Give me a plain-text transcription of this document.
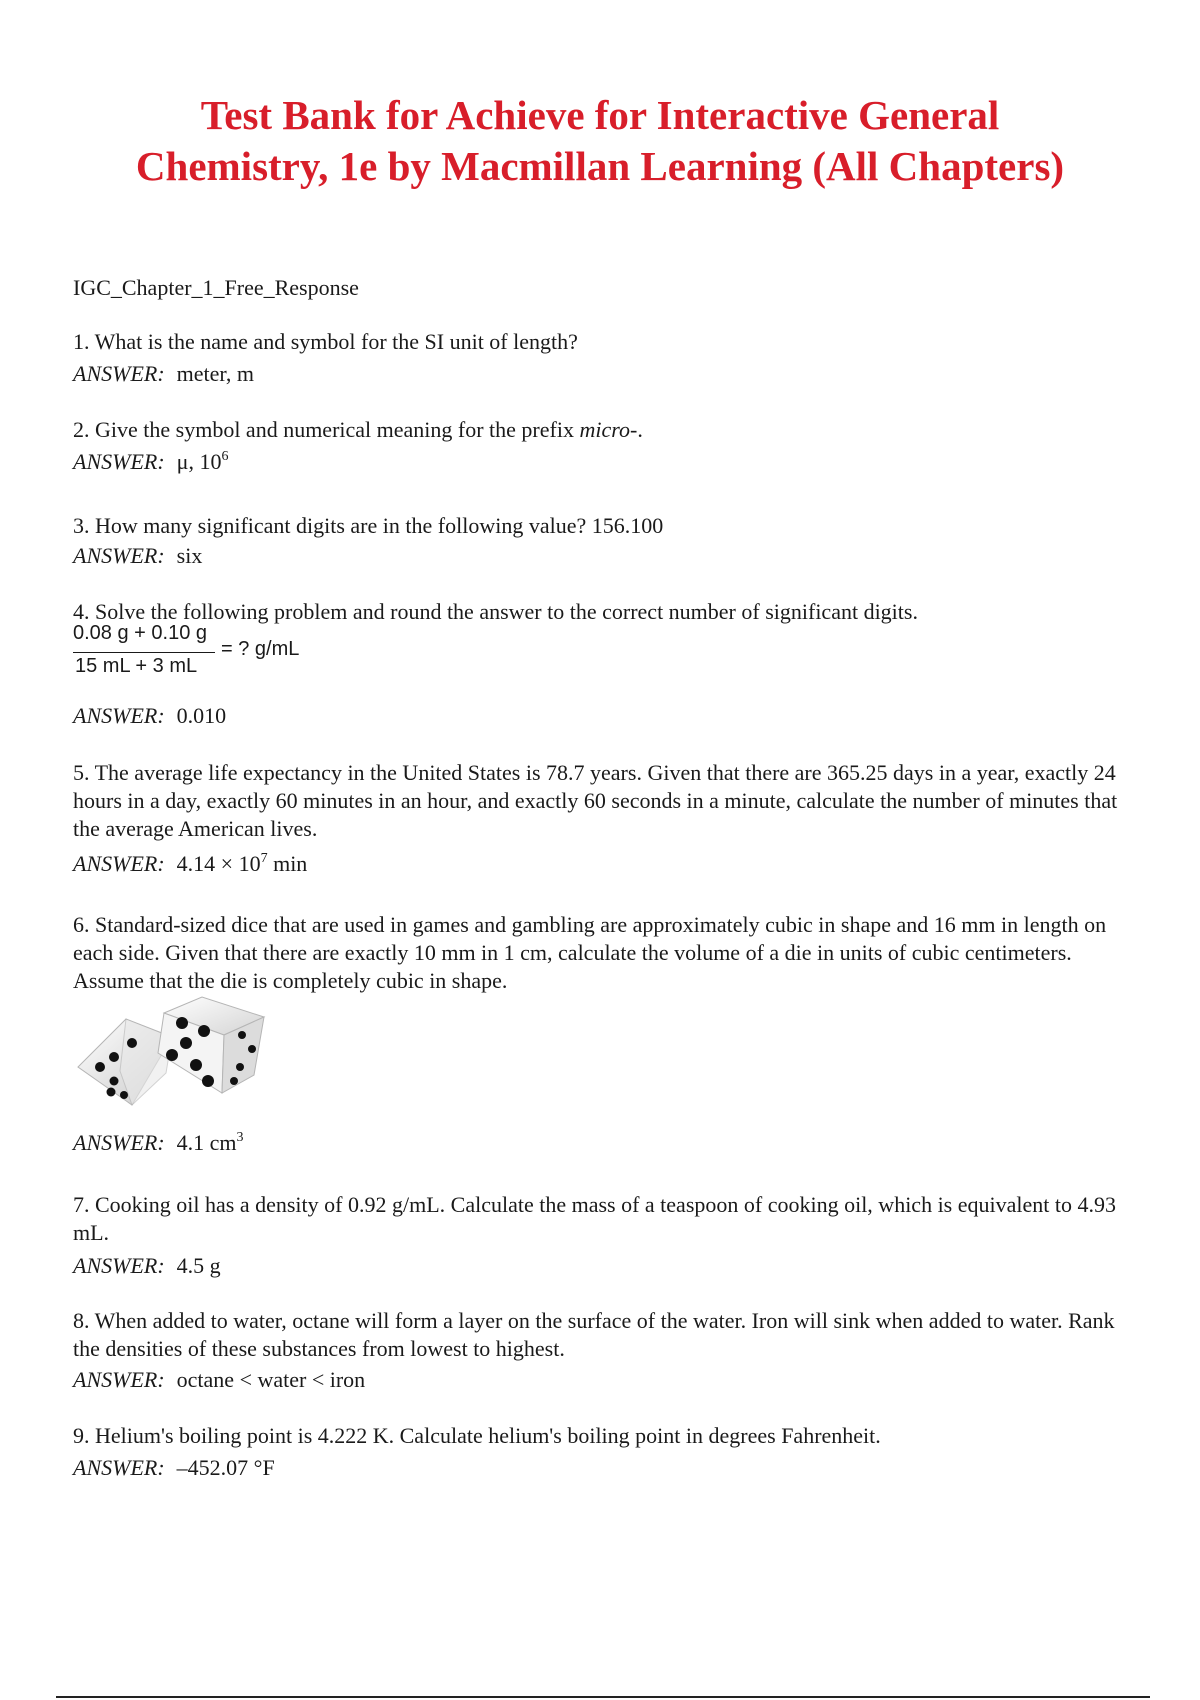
Test Bank for Achieve for Interactive General Chemistry, 1e by Macmillan Learning (All Chapters)
IGC_Chapter_1_Free_Response
1. What is the name and symbol for the SI unit of length?
ANSWER: meter, m
2. Give the symbol and numerical meaning for the prefix micro-.
ANSWER: μ, $10^6$
3. How many significant digits are in the following value? 156.100
ANSWER: six
4. Solve the following problem and round the answer to the correct number of significant digits.
0.08 g + 0.10 g
15 mL + 3 mL
= ? g/mL
ANSWER: 0.010
5. The average life expectancy in the United States is 78.7 years. Given that there are 365.25 days in a year, exactly 24 hours in a day, exactly 60 minutes in an hour, and exactly 60 seconds in a minute, calculate the number of minutes that the average American lives.
ANSWER: $4.14 \times 10^7$ min
6. Standard-sized dice that are used in games and gambling are approximately cubic in shape and 16 mm in length on each side. Given that there are exactly 10 mm in 1 cm, calculate the volume of a die in units of cubic centimeters. Assume that the die is completely cubic in shape.
ANSWER: 4.1 $cm^3$
7. Cooking oil has a density of 0.92 g/mL. Calculate the mass of a teaspoon of cooking oil, which is equivalent to 4.93 mL.
ANSWER: 4.5 g
8. When added to water, octane will form a layer on the surface of the water. Iron will sink when added to water. Rank the densities of these substances from lowest to highest.
ANSWER: octane < water < iron
9. Helium's boiling point is 4.222 K. Calculate helium's boiling point in degrees Fahrenheit.
ANSWER: –452.07 °F
